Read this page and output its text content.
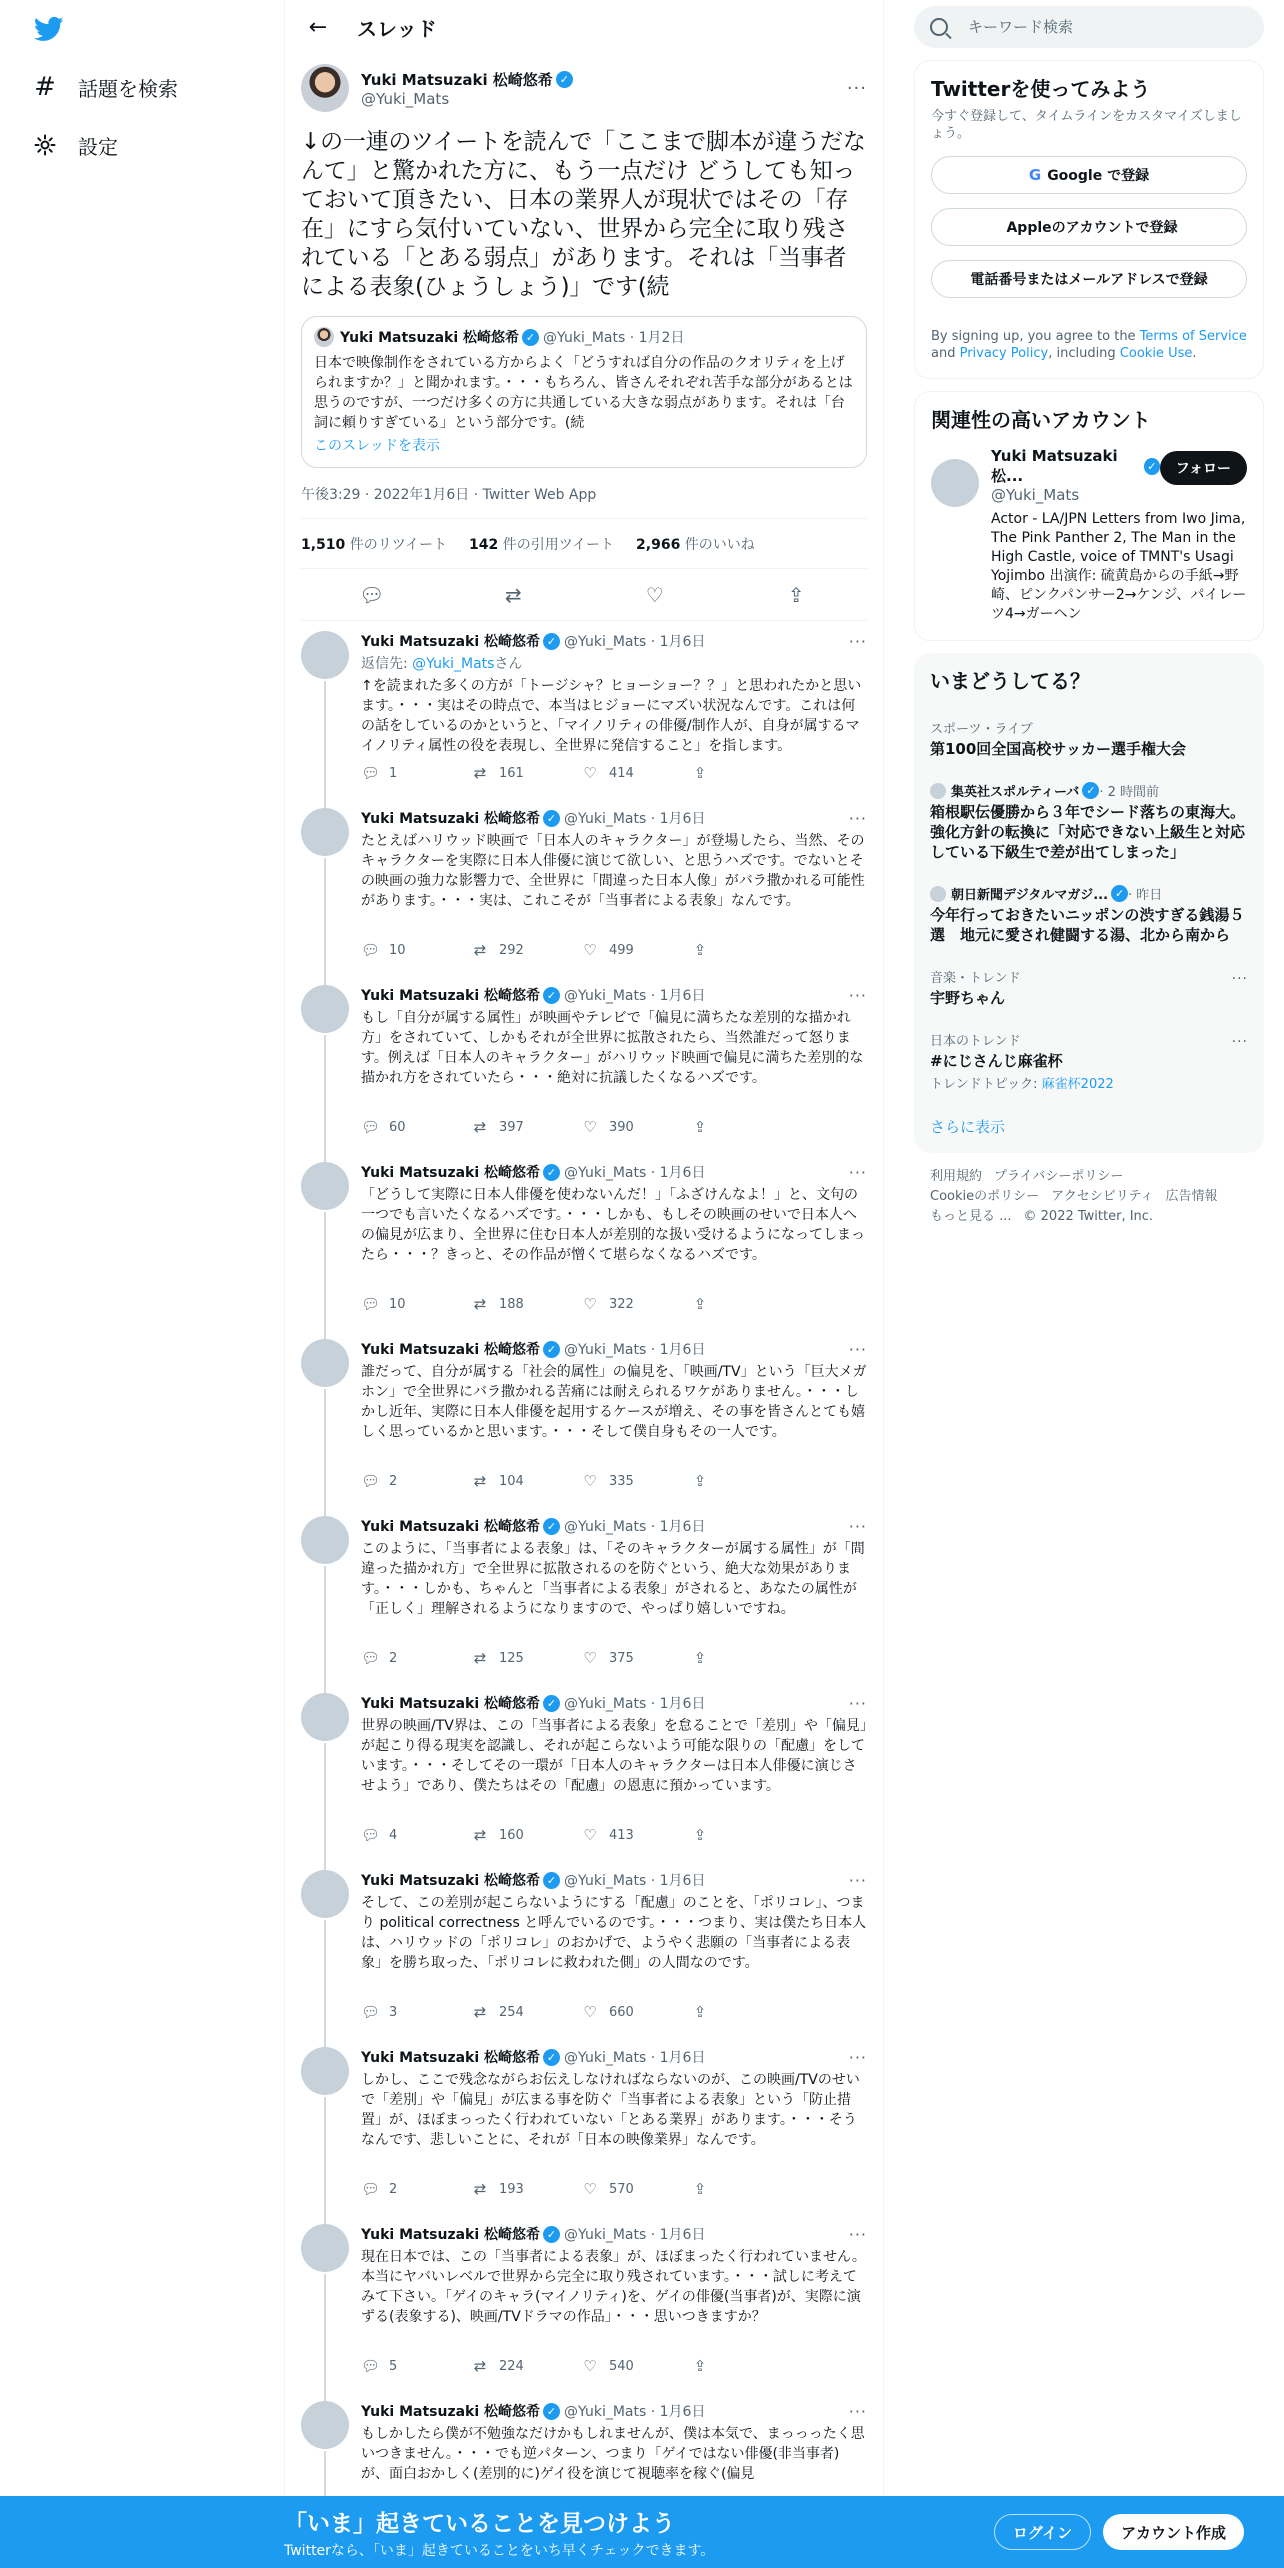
# 話題を検索
設定
←	スレッド
Yuki Matsuzaki 松崎悠希 ✓
@Yuki_Mats	···
↓の一連のツイートを読んで「ここまで脚本が違うだなんて」と驚かれた方に、もう一点だけ どうしても知っておいて頂きたい、日本の業界人が現状ではその「存在」にすら気付いていない、世界から完全に取り残されている「とある弱点」があります。それは「当事者による表象(ひょうしょう)」です(続
Yuki Matsuzaki 松崎悠希 ✓ @Yuki_Mats · 1月2日
日本で映像制作をされている方からよく「どうすれば自分の作品のクオリティを上げられますか？」と聞かれます。・・・もちろん、皆さんそれぞれ苦手な部分があるとは思うのですが、一つだけ多くの方に共通している大きな弱点があります。それは「台詞に頼りすぎている」という部分です。(続
このスレッドを表示
午後3:29 · 2022年1月6日 · Twitter Web App
1,510 件のリツイート 142 件の引用ツイート 2,966 件のいいね
💬︎	⇄	♡	⇪
Yuki Matsuzaki 松崎悠希 ✓ @Yuki_Mats · 1月6日	···
返信先: @Yuki_Matsさん
↑を読まれた多くの方が「トージシャ？ヒョーショー？？」と思われたかと思います。・・・実はその時点で、本当はヒジョーにマズい状況なんです。これは何の話をしているのかというと、「マイノリティの俳優/制作人が、自身が属するマイノリティ属性の役を表現し、全世界に発信すること」を指します。
💬︎ 1	⇄ 161	♡ 414	⇪
Yuki Matsuzaki 松崎悠希 ✓ @Yuki_Mats · 1月6日	···
たとえばハリウッド映画で「日本人のキャラクター」が登場したら、当然、そのキャラクターを実際に日本人俳優に演じて欲しい、と思うハズです。でないとその映画の強力な影響力で、全世界に「間違った日本人像」がバラ撒かれる可能性があります。・・・実は、これこそが「当事者による表象」なんです。
💬︎ 10	⇄ 292	♡ 499	⇪
Yuki Matsuzaki 松崎悠希 ✓ @Yuki_Mats · 1月6日	···
もし「自分が属する属性」が映画やテレビで「偏見に満ちたな差別的な描かれ方」をされていて、しかもそれが全世界に拡散されたら、当然誰だって怒ります。例えば「日本人のキャラクター」がハリウッド映画で偏見に満ちた差別的な描かれ方をされていたら・・・絶対に抗議したくなるハズです。
💬︎ 60	⇄ 397	♡ 390	⇪
Yuki Matsuzaki 松崎悠希 ✓ @Yuki_Mats · 1月6日	···
「どうして実際に日本人俳優を使わないんだ！」「ふざけんなよ！」と、文句の一つでも言いたくなるハズです。・・・しかも、もしその映画のせいで日本人への偏見が広まり、全世界に住む日本人が差別的な扱い受けるようになってしまったら・・・？きっと、その作品が憎くて堪らなくなるハズです。
💬︎ 10	⇄ 188	♡ 322	⇪
Yuki Matsuzaki 松崎悠希 ✓ @Yuki_Mats · 1月6日	···
誰だって、自分が属する「社会的属性」の偏見を、「映画/TV」という「巨大メガホン」で全世界にバラ撒かれる苦痛には耐えられるワケがありません。・・・しかし近年、実際に日本人俳優を起用するケースが増え、その事を皆さんとても嬉しく思っているかと思います。・・・そして僕自身もその一人です。
💬︎ 2	⇄ 104	♡ 335	⇪
Yuki Matsuzaki 松崎悠希 ✓ @Yuki_Mats · 1月6日	···
このように、「当事者による表象」は、「そのキャラクターが属する属性」が「間違った描かれ方」で全世界に拡散されるのを防ぐという、絶大な効果があります。・・・しかも、ちゃんと「当事者による表象」がされると、あなたの属性が「正しく」理解されるようになりますので、やっぱり嬉しいですね。
💬︎ 2	⇄ 125	♡ 375	⇪
Yuki Matsuzaki 松崎悠希 ✓ @Yuki_Mats · 1月6日	···
世界の映画/TV界は、この「当事者による表象」を怠ることで「差別」や「偏見」が起こり得る現実を認識し、それが起こらないよう可能な限りの「配慮」をしています。・・・そしてその一環が「日本人のキャラクターは日本人俳優に演じさせよう」であり、僕たちはその「配慮」の恩恵に預かっています。
💬︎ 4	⇄ 160	♡ 413	⇪
Yuki Matsuzaki 松崎悠希 ✓ @Yuki_Mats · 1月6日	···
そして、この差別が起こらないようにする「配慮」のことを、「ポリコレ」、つまり political correctness と呼んでいるのです。・・・つまり、実は僕たち日本人は、ハリウッドの「ポリコレ」のおかげで、ようやく悲願の「当事者による表象」を勝ち取った、「ポリコレに救われた側」の人間なのです。
💬︎ 3	⇄ 254	♡ 660	⇪
Yuki Matsuzaki 松崎悠希 ✓ @Yuki_Mats · 1月6日	···
しかし、ここで残念ながらお伝えしなければならないのが、この映画/TVのせいで「差別」や「偏見」が広まる事を防ぐ「当事者による表象」という「防止措置」が、ほぼまっったく行われていない「とある業界」があります。・・・そうなんです、悲しいことに、それが「日本の映像業界」なんです。
💬︎ 2	⇄ 193	♡ 570	⇪
Yuki Matsuzaki 松崎悠希 ✓ @Yuki_Mats · 1月6日	···
現在日本では、この「当事者による表象」が、ほぼまったく行われていません。本当にヤバいレベルで世界から完全に取り残されています。・・・試しに考えてみて下さい。「ゲイのキャラ(マイノリティ)を、ゲイの俳優(当事者)が、実際に演ずる(表象する)、映画/TVドラマの作品」・・・思いつきますか？
💬︎ 5	⇄ 224	♡ 540	⇪
Yuki Matsuzaki 松崎悠希 ✓ @Yuki_Mats · 1月6日	···
もしかしたら僕が不勉強なだけかもしれませんが、僕は本気で、まっっったく思いつきません。・・・でも逆パターン、つまり「ゲイではない俳優(非当事者)が、面白おかしく(差別的に)ゲイ役を演じて視聴率を稼ぐ(偏見
キーワード検索
Twitterを使ってみよう
今すぐ登録して、タイムラインをカスタマイズしましょう。
G Google で登録
Appleのアカウントで登録
電話番号またはメールアドレスで登録
By signing up, you agree to the Terms of Service and Privacy Policy, including Cookie Use.
関連性の高いアカウント
Yuki Matsuzaki 松...
✓
@Yuki_Mats
フォロー
Actor - LA/JPN Letters from Iwo Jima, The Pink Panther 2, The Man in the High Castle, voice of TMNT's Usagi Yojimbo 出演作: 硫黄島からの手紙→野崎、ピンクパンサー2→ケンジ、パイレーツ4→ガーヘン
いまどうしてる？
スポーツ・ライブ
第100回全国高校サッカー選手権大会
集英社スポルティーバ ✓ · 2 時間前
箱根駅伝優勝から３年でシード落ちの東海大。強化方針の転換に「対応できない上級生と対応している下級生で差が出てしまった」
朝日新聞デジタルマガジ... ✓ · 昨日
今年行っておきたいニッポンの渋すぎる銭湯５選　地元に愛され健闘する湯、北から南から
音楽・トレンド
宇野ちゃん
···
日本のトレンド
#にじさんじ麻雀杯
トレンドトピック: 麻雀杯2022
···
さらに表示
利用規約 プライバシーポリシー
Cookieのポリシー アクセシビリティ 広告情報
もっと見る ... © 2022 Twitter, Inc.
「いま」起きていることを見つけよう
Twitterなら、「いま」起きていることをいち早くチェックできます。
ログイン	アカウント作成
